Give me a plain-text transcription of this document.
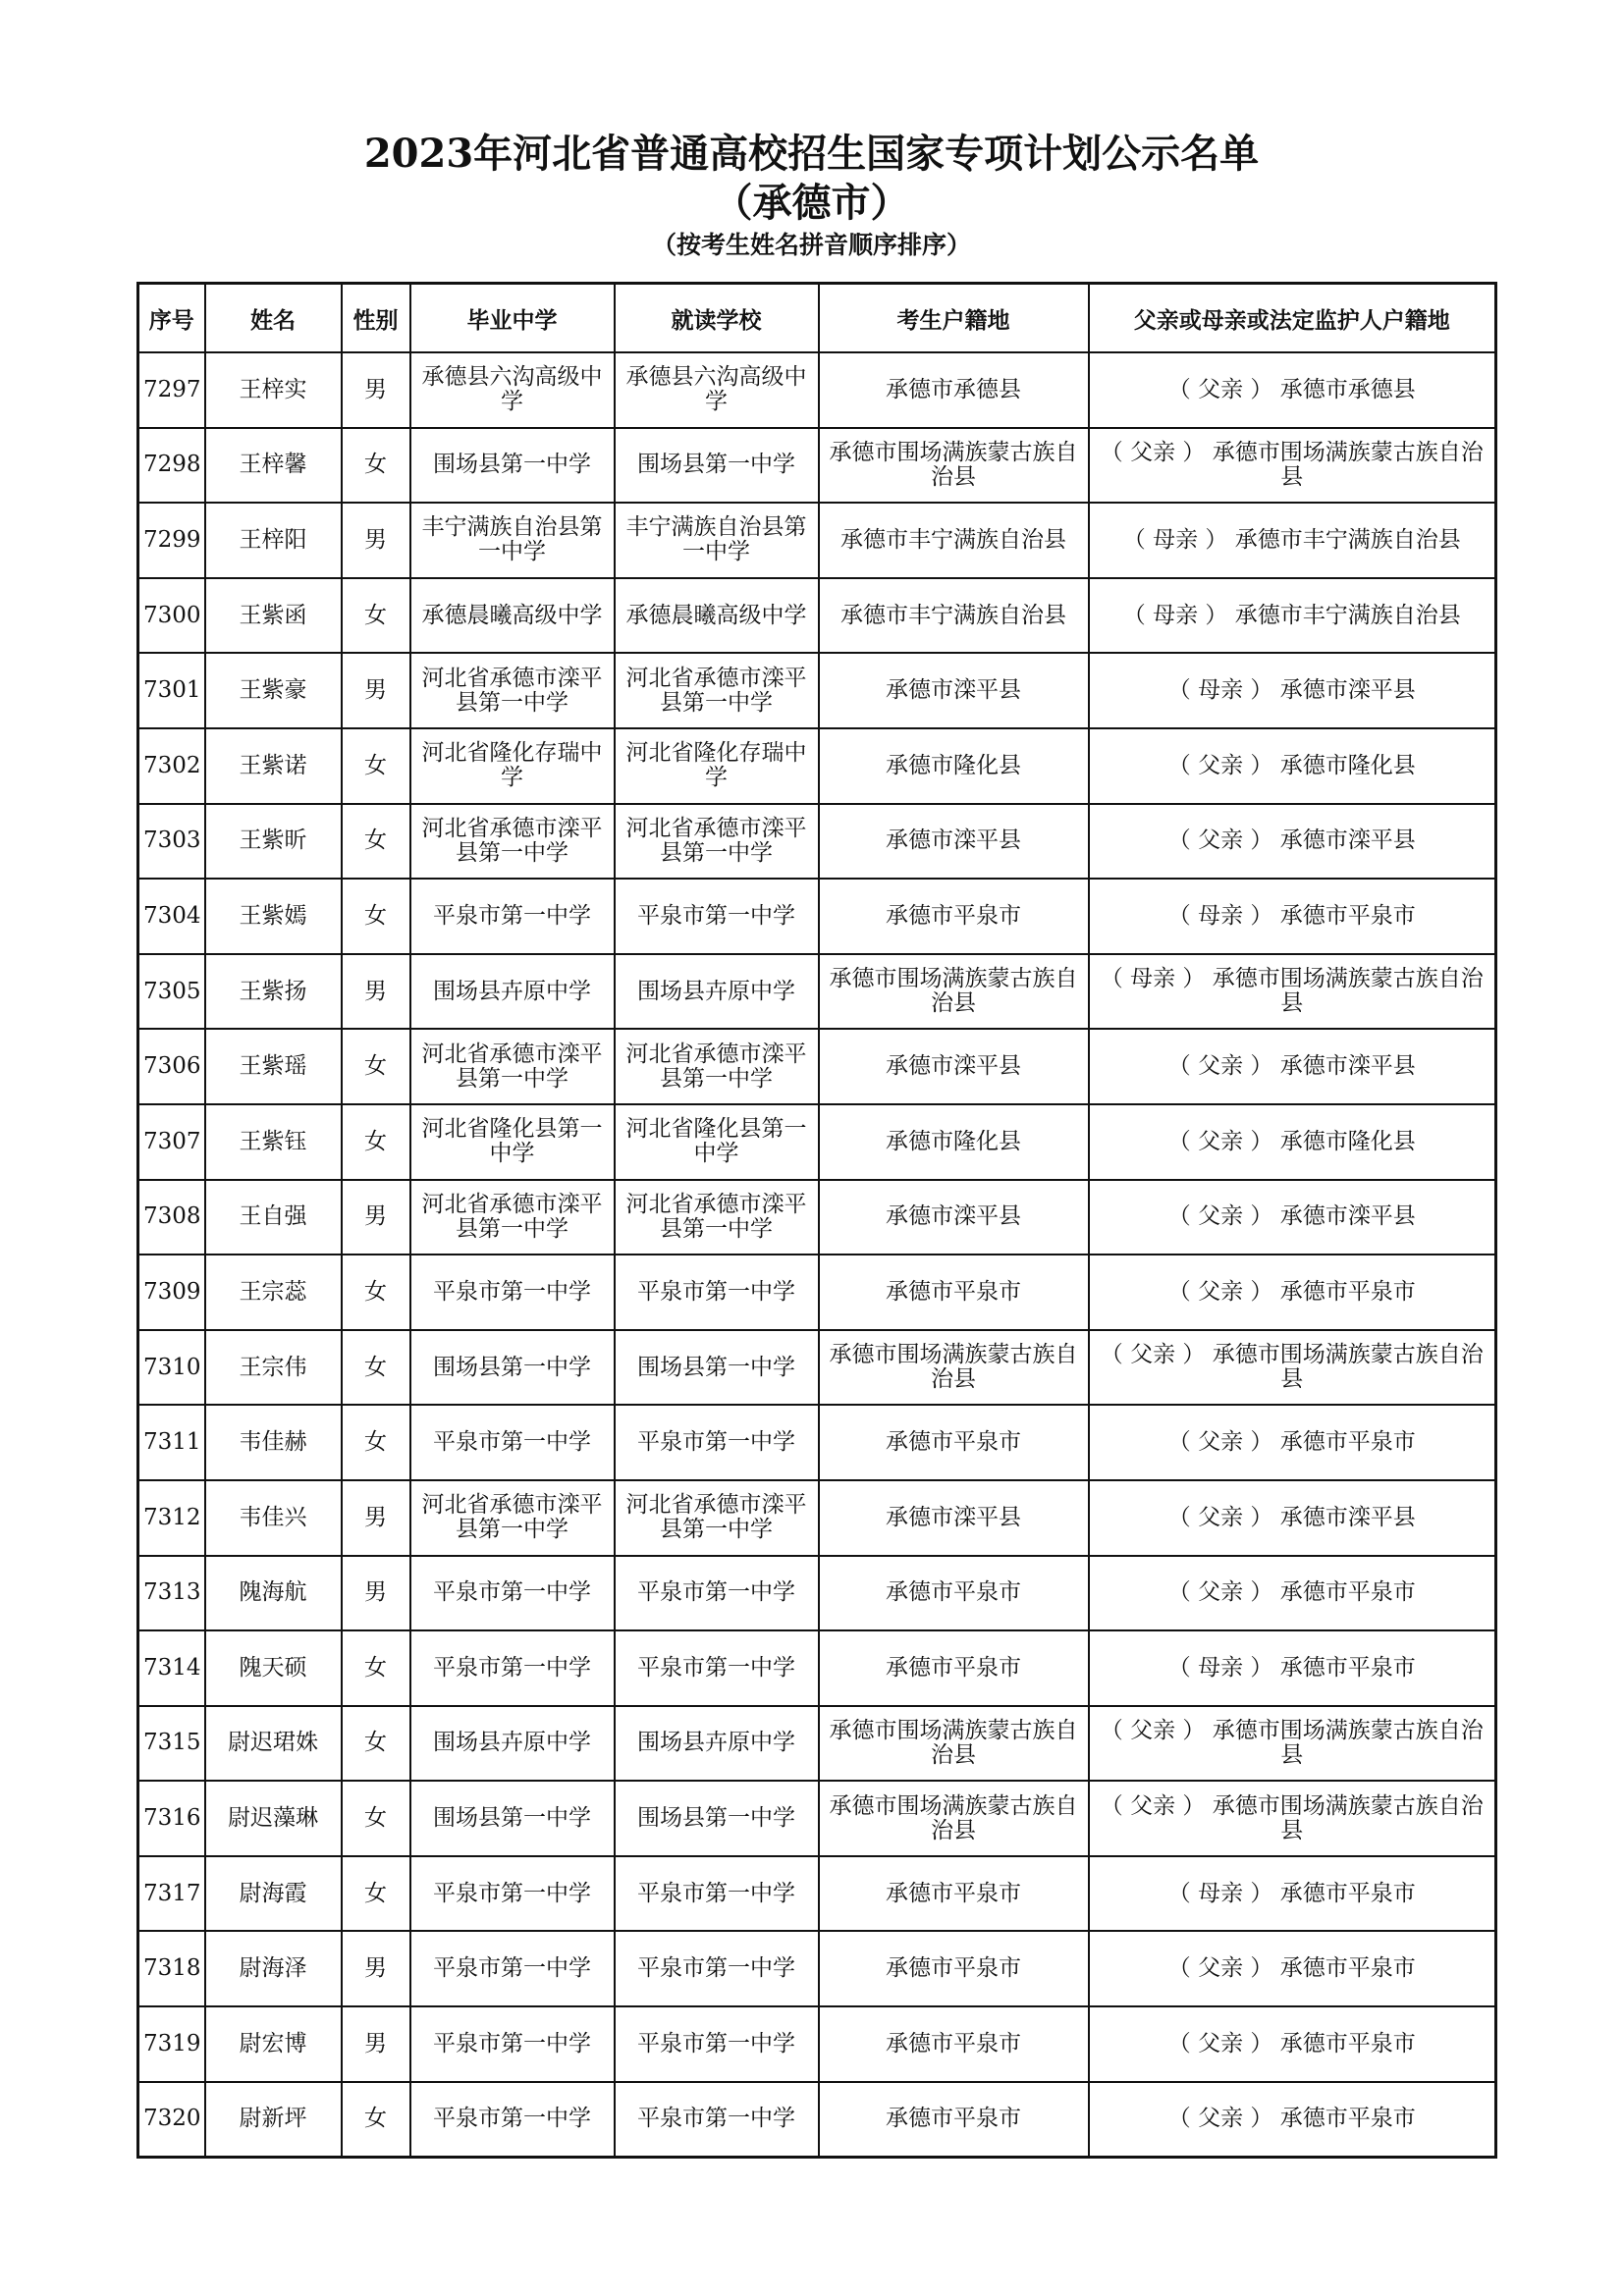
2023年河北省普通高校招生国家专项计划公示名单
（承德市）
（按考生姓名拼音顺序排序）
序号	姓名	性别	毕业中学	就读学校	考生户籍地	父亲或母亲或法定监护人户籍地
7297	王梓实	男	承德县六沟高级中学	承德县六沟高级中学	承德市承德县	（ 父亲 ） 承德市承德县
7298	王梓馨	女	围场县第一中学	围场县第一中学	承德市围场满族蒙古族自治县	（ 父亲 ） 承德市围场满族蒙古族自治县
7299	王梓阳	男	丰宁满族自治县第一中学	丰宁满族自治县第一中学	承德市丰宁满族自治县	（ 母亲 ） 承德市丰宁满族自治县
7300	王紫函	女	承德晨曦高级中学	承德晨曦高级中学	承德市丰宁满族自治县	（ 母亲 ） 承德市丰宁满族自治县
7301	王紫豪	男	河北省承德市滦平县第一中学	河北省承德市滦平县第一中学	承德市滦平县	（ 母亲 ） 承德市滦平县
7302	王紫诺	女	河北省隆化存瑞中学	河北省隆化存瑞中学	承德市隆化县	（ 父亲 ） 承德市隆化县
7303	王紫昕	女	河北省承德市滦平县第一中学	河北省承德市滦平县第一中学	承德市滦平县	（ 父亲 ） 承德市滦平县
7304	王紫嫣	女	平泉市第一中学	平泉市第一中学	承德市平泉市	（ 母亲 ） 承德市平泉市
7305	王紫扬	男	围场县卉原中学	围场县卉原中学	承德市围场满族蒙古族自治县	（ 母亲 ） 承德市围场满族蒙古族自治县
7306	王紫瑶	女	河北省承德市滦平县第一中学	河北省承德市滦平县第一中学	承德市滦平县	（ 父亲 ） 承德市滦平县
7307	王紫钰	女	河北省隆化县第一中学	河北省隆化县第一中学	承德市隆化县	（ 父亲 ） 承德市隆化县
7308	王自强	男	河北省承德市滦平县第一中学	河北省承德市滦平县第一中学	承德市滦平县	（ 父亲 ） 承德市滦平县
7309	王宗蕊	女	平泉市第一中学	平泉市第一中学	承德市平泉市	（ 父亲 ） 承德市平泉市
7310	王宗伟	女	围场县第一中学	围场县第一中学	承德市围场满族蒙古族自治县	（ 父亲 ） 承德市围场满族蒙古族自治县
7311	韦佳赫	女	平泉市第一中学	平泉市第一中学	承德市平泉市	（ 父亲 ） 承德市平泉市
7312	韦佳兴	男	河北省承德市滦平县第一中学	河北省承德市滦平县第一中学	承德市滦平县	（ 父亲 ） 承德市滦平县
7313	隗海航	男	平泉市第一中学	平泉市第一中学	承德市平泉市	（ 父亲 ） 承德市平泉市
7314	隗天硕	女	平泉市第一中学	平泉市第一中学	承德市平泉市	（ 母亲 ） 承德市平泉市
7315	尉迟珺姝	女	围场县卉原中学	围场县卉原中学	承德市围场满族蒙古族自治县	（ 父亲 ） 承德市围场满族蒙古族自治县
7316	尉迟藻琳	女	围场县第一中学	围场县第一中学	承德市围场满族蒙古族自治县	（ 父亲 ） 承德市围场满族蒙古族自治县
7317	尉海霞	女	平泉市第一中学	平泉市第一中学	承德市平泉市	（ 母亲 ） 承德市平泉市
7318	尉海泽	男	平泉市第一中学	平泉市第一中学	承德市平泉市	（ 父亲 ） 承德市平泉市
7319	尉宏博	男	平泉市第一中学	平泉市第一中学	承德市平泉市	（ 父亲 ） 承德市平泉市
7320	尉新坪	女	平泉市第一中学	平泉市第一中学	承德市平泉市	（ 父亲 ） 承德市平泉市
